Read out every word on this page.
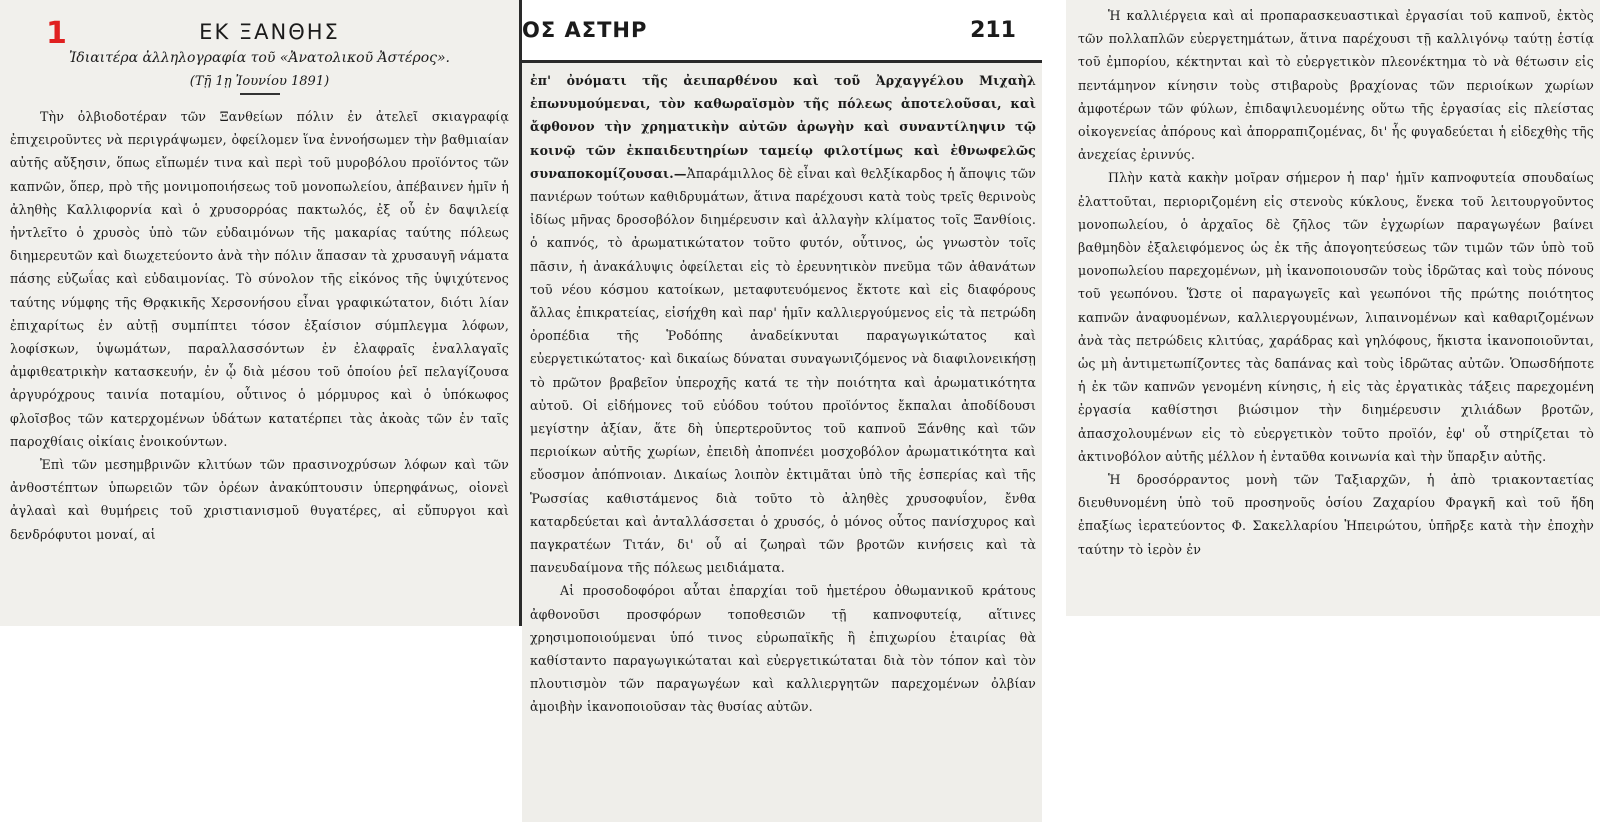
1	ΕΚ ΞΑΝΘΗΣ
Ἰδιαιτέρα ἀλληλογραφία τοῦ «Ἀνατολικοῦ Ἀστέρος».
(Τῇ 1ῃ Ἰουνίου 1891)

Τὴν ὀλβιοδοτέραν τῶν Ξανθείων πόλιν ἐν ἀτελεῖ σκιαγραφίᾳ ἐπιχειροῦντες νὰ περιγράψωμεν, ὀφείλομεν ἵνα ἐννοήσωμεν τὴν βαθμιαίαν αὐτῆς αὔξησιν, ὅπως εἴπωμέν τινα καὶ περὶ τοῦ μυροβόλου προϊόντος τῶν καπνῶν, ὅπερ, πρὸ τῆς μονιμοποιήσεως τοῦ μονοπωλείου, ἀπέβαινεν ἡμῖν ἡ ἀληθὴς Καλλιφορνία καὶ ὁ χρυσορρόας πακτωλός, ἐξ οὗ ἐν δαψιλείᾳ ἠντλεῖτο ὁ χρυσὸς ὑπὸ τῶν εὐδαιμόνων τῆς μακαρίας ταύτης πόλεως διημερευτῶν καὶ διωχετεύοντο ἀνὰ τὴν πόλιν ἅπασαν τὰ χρυσαυγῆ νάματα πάσης εὐζωΐας καὶ εὐδαιμονίας. Τὸ σύνολον τῆς εἰκόνος τῆς ὑψιχύτενος ταύτης νύμφης τῆς Θρᾳκικῆς Χερσονήσου εἶναι γραφικώτατον, διότι λίαν ἐπιχαρίτως ἐν αὐτῇ συμπίπτει τόσον ἐξαίσιον σύμπλεγμα λόφων, λοφίσκων, ὑψωμάτων, παραλλασσόντων ἐν ἐλαφραῖς ἐναλλαγαῖς ἀμφιθεατρικὴν κατασκευήν, ἐν ᾧ διὰ μέσου τοῦ ὁποίου ῥεῖ πελαγίζουσα ἀργυρόχρους ταινία ποταμίου, οὗτινος ὁ μόρμυρος καὶ ὁ ὑπόκωφος φλοῖσβος τῶν κατερχομένων ὑδάτων κατατέρπει τὰς ἀκοὰς τῶν ἐν ταῖς παροχθίαις οἰκίαις ἐνοικούντων.

Ἐπὶ τῶν μεσημβρινῶν κλιτύων τῶν πρασινοχρύσων λόφων καὶ τῶν ἀνθοστέπτων ὑπωρειῶν τῶν ὀρέων ἀνακύπτουσιν ὑπερηφάνως, οἱονεὶ ἀγλααὶ καὶ θυμήρεις τοῦ χριστιανισμοῦ θυγατέρες, αἱ εὔπυργοι καὶ δενδρόφυτοι μοναί, αἱ

ΟΣ ΑΣΤΗΡ	211

ἐπ' ὀνόματι τῆς ἀειπαρθένου καὶ τοῦ Ἀρχαγγέλου Μιχαὴλ ἐπωνυμούμεναι, τὸν καθωραϊσμὸν τῆς πόλεως ἀποτελοῦσαι, καὶ ἄφθονον τὴν χρηματικὴν αὐτῶν ἀρωγὴν καὶ συναντίληψιν τῷ κοινῷ τῶν ἐκπαιδευτηρίων ταμείῳ φιλοτίμως καὶ ἐθνωφελῶς συναποκομίζουσαι.—Ἀπαράμιλλος δὲ εἶναι καὶ θελξίκαρδος ἡ ἄποψις τῶν πανιέρων τούτων καθιδρυμάτων, ἅτινα παρέχουσι κατὰ τοὺς τρεῖς θερινοὺς ἰδίως μῆνας δροσοβόλον διημέρευσιν καὶ ἀλλαγὴν κλίματος τοῖς Ξανθίοις. ὁ καπνός, τὸ ἀρωματικώτατον τοῦτο φυτόν, οὗτινος, ὡς γνωστὸν τοῖς πᾶσιν, ἡ ἀνακάλυψις ὀφείλεται εἰς τὸ ἐρευνητικὸν πνεῦμα τῶν ἀθανάτων τοῦ νέου κόσμου κατοίκων, μεταφυτευόμενος ἔκτοτε καὶ εἰς διαφόρους ἄλλας ἐπικρατείας, εἰσήχθη καὶ παρ' ἡμῖν καλλιεργούμενος εἰς τὰ πετρώδη ὀροπέδια τῆς Ῥοδόπης ἀναδείκνυται παραγωγικώτατος καὶ εὐεργετικώτατος· καὶ δικαίως δύναται συναγωνιζόμενος νὰ διαφιλονεικήσῃ τὸ πρῶτον βραβεῖον ὑπεροχῆς κατά τε τὴν ποιότητα καὶ ἀρωματικότητα αὐτοῦ. Οἱ εἰδήμονες τοῦ εὐόδου τούτου προϊόντος ἔκπαλαι ἀποδίδουσι μεγίστην ἀξίαν, ἅτε δὴ ὑπερτεροῦντος τοῦ καπνοῦ Ξάνθης καὶ τῶν περιοίκων αὐτῆς χωρίων, ἐπειδὴ ἀποπνέει μοσχοβόλον ἀρωματικότητα καὶ εὔοσμον ἀπόπνοιαν. Δικαίως λοιπὸν ἐκτιμᾶται ὑπὸ τῆς ἑσπερίας καὶ τῆς Ῥωσσίας καθιστάμενος διὰ τοῦτο τὸ ἀληθὲς χρυσοφυΐον, ἔνθα καταρδεύεται καὶ ἀνταλλάσσεται ὁ χρυσός, ὁ μόνος οὗτος πανίσχυρος καὶ παγκρατέων Τιτάν, δι' οὗ αἱ ζωηραὶ τῶν βροτῶν κινήσεις καὶ τὰ πανευδαίμονα τῆς πόλεως μειδιάματα.

Αἱ προσοδοφόροι αὗται ἐπαρχίαι τοῦ ἡμετέρου ὀθωμανικοῦ κράτους ἀφθονοῦσι προσφόρων τοποθεσιῶν τῇ καπνοφυτείᾳ, αἵτινες χρησιμοποιούμεναι ὑπό τινος εὐρωπαϊκῆς ἢ ἐπιχωρίου ἑταιρίας θὰ καθίσταντο παραγωγικώταται καὶ εὐεργετικώταται διὰ τὸν τόπον καὶ τὸν πλουτισμὸν τῶν παραγωγέων καὶ καλλιεργητῶν παρεχομένων ὀλβίαν ἀμοιβὴν ἱκανοποιοῦσαν τὰς θυσίας αὐτῶν.

Ἡ καλλιέργεια καὶ αἱ προπαρασκευαστικαὶ ἐργασίαι τοῦ καπνοῦ, ἐκτὸς τῶν πολλαπλῶν εὐεργετημάτων, ἅτινα παρέχουσι τῇ καλλιγόνῳ ταύτῃ ἑστίᾳ τοῦ ἐμπορίου, κέκτηνται καὶ τὸ εὐεργετικὸν πλεονέκτημα τὸ νὰ θέτωσιν εἰς πεντάμηνον κίνησιν τοὺς στιβαροὺς βραχίονας τῶν περιοίκων χωρίων ἀμφοτέρων τῶν φύλων, ἐπιδαψιλευομένης οὕτω τῆς ἐργασίας εἰς πλείστας οἰκογενείας ἀπόρους καὶ ἀπορραπιζομένας, δι' ἧς φυγαδεύεται ἡ εἰδεχθὴς τῆς ἀνεχείας ἐριννύς.

Πλὴν κατὰ κακὴν μοῖραν σήμερον ἡ παρ' ἡμῖν καπνοφυτεία σπουδαίως ἐλαττοῦται, περιοριζομένη εἰς στενοὺς κύκλους, ἕνεκα τοῦ λειτουργοῦντος μονοπωλείου, ὁ ἀρχαῖος δὲ ζῆλος τῶν ἐγχωρίων παραγωγέων βαίνει βαθμηδὸν ἐξαλειφόμενος ὡς ἐκ τῆς ἀπογοητεύσεως τῶν τιμῶν τῶν ὑπὸ τοῦ μονοπωλείου παρεχομένων, μὴ ἱκανοποιουσῶν τοὺς ἱδρῶτας καὶ τοὺς πόνους τοῦ γεωπόνου. Ὥστε οἱ παραγωγεῖς καὶ γεωπόνοι τῆς πρώτης ποιότητος καπνῶν ἀναφυομένων, καλλιεργουμένων, λιπαινομένων καὶ καθαριζομένων ἀνὰ τὰς πετρώδεις κλιτύας, χαράδρας καὶ γηλόφους, ἥκιστα ἱκανοποιοῦνται, ὡς μὴ ἀντιμετωπίζοντες τὰς δαπάνας καὶ τοὺς ἱδρῶτας αὐτῶν. Ὁπωσδήποτε ἡ ἐκ τῶν καπνῶν γενομένη κίνησις, ἡ εἰς τὰς ἐργατικὰς τάξεις παρεχομένη ἐργασία καθίστησι βιώσιμον τὴν διημέρευσιν χιλιάδων βροτῶν, ἀπασχολουμένων εἰς τὸ εὐεργετικὸν τοῦτο προϊόν, ἐφ' οὗ στηρίζεται τὸ ἀκτινοβόλον αὐτῆς μέλλον ἡ ἐνταῦθα κοινωνία καὶ τὴν ὕπαρξιν αὐτῆς.

Ἡ δροσόρραντος μονὴ τῶν Ταξιαρχῶν, ἡ ἀπὸ τριακονταετίας διευθυνομένη ὑπὸ τοῦ προσηνοῦς ὁσίου Ζαχαρίου Φραγκῆ καὶ τοῦ ἤδη ἐπαξίως ἱερατεύοντος Φ. Σακελλαρίου Ἠπειρώτου, ὑπῆρξε κατὰ τὴν ἐποχὴν ταύτην τὸ ἱερὸν ἐν
